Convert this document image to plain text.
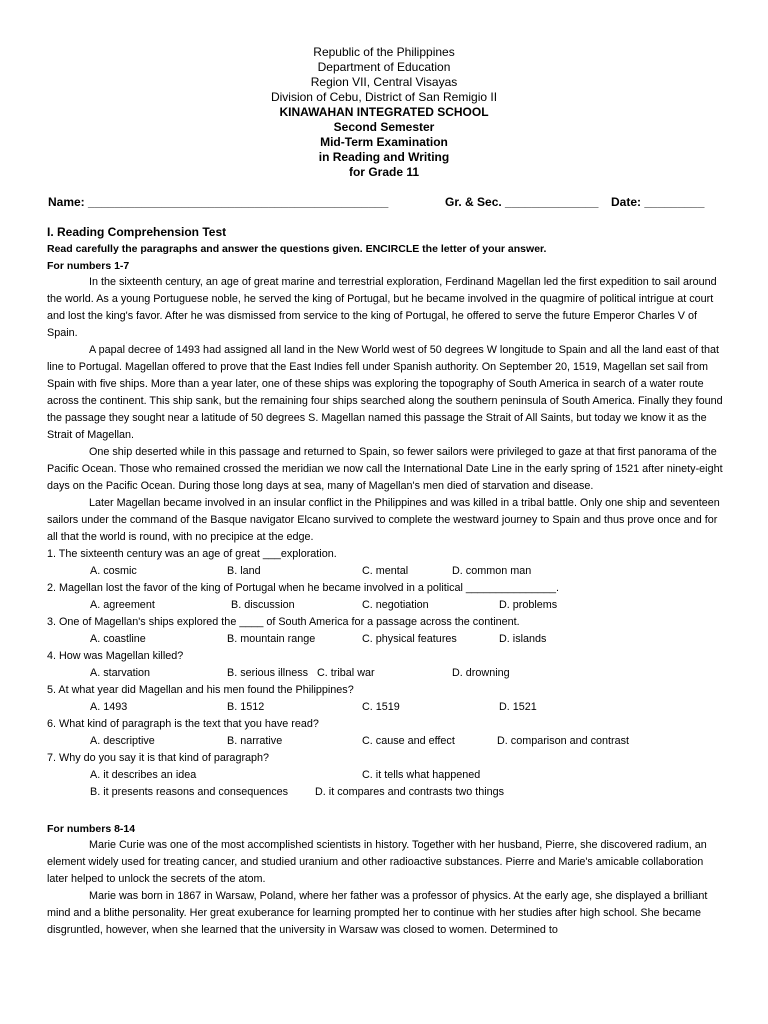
Republic of the Philippines
Department of Education
Region VII, Central Visayas
Division of Cebu, District of San Remigio II
KINAWAHAN INTEGRATED SCHOOL
Second Semester
Mid-Term Examination
in Reading and Writing
for Grade 11
Name: _____________________________________________	Gr. & Sec. ______________ Date: _________
I. Reading Comprehension Test
Read carefully the paragraphs and answer the questions given. ENCIRCLE the letter of your answer.
For numbers 1-7

In the sixteenth century, an age of great marine and terrestrial exploration, Ferdinand Magellan led the first expedition to sail around the world. As a young Portuguese noble, he served the king of Portugal, but he became involved in the quagmire of political intrigue at court and lost the king's favor. After he was dismissed from service to the king of Portugal, he offered to serve the future Emperor Charles V of Spain.

A papal decree of 1493 had assigned all land in the New World west of 50 degrees W longitude to Spain and all the land east of that line to Portugal. Magellan offered to prove that the East Indies fell under Spanish authority. On September 20, 1519, Magellan set sail from Spain with five ships. More than a year later, one of these ships was exploring the topography of South America in search of a water route across the continent. This ship sank, but the remaining four ships searched along the southern peninsula of South America. Finally they found the passage they sought near a latitude of 50 degrees S. Magellan named this passage the Strait of All Saints, but today we know it as the Strait of Magellan.

One ship deserted while in this passage and returned to Spain, so fewer sailors were privileged to gaze at that first panorama of the Pacific Ocean. Those who remained crossed the meridian we now call the International Date Line in the early spring of 1521 after ninety-eight days on the Pacific Ocean. During those long days at sea, many of Magellan's men died of starvation and disease.

Later Magellan became involved in an insular conflict in the Philippines and was killed in a tribal battle. Only one ship and seventeen sailors under the command of the Basque navigator Elcano survived to complete the westward journey to Spain and thus prove once and for all that the world is round, with no precipice at the edge.

1. The sixteenth century was an age of great ___exploration.
A. cosmic	B. land	C. mental	D. common man
2. Magellan lost the favor of the king of Portugal when he became involved in a political _______________.
A. agreement	B. discussion	C. negotiation	D. problems
3. One of Magellan's ships explored the ____ of South America for a passage across the continent.
A. coastline	B. mountain range	C. physical features	D. islands
4. How was Magellan killed?
A. starvation	B. serious illness C. tribal war	D. drowning
5. At what year did Magellan and his men found the Philippines?
A. 1493	B. 1512	C. 1519	D. 1521
6. What kind of paragraph is the text that you have read?
A. descriptive	B. narrative	C. cause and effect	D. comparison and contrast
7. Why do you say it is that kind of paragraph?
A. it describes an idea	C. it tells what happened
B. it presents reasons and consequences D. it compares and contrasts two things
For numbers 8-14

Marie Curie was one of the most accomplished scientists in history. Together with her husband, Pierre, she discovered radium, an element widely used for treating cancer, and studied uranium and other radioactive substances. Pierre and Marie's amicable collaboration later helped to unlock the secrets of the atom.

Marie was born in 1867 in Warsaw, Poland, where her father was a professor of physics. At the early age, she displayed a brilliant mind and a blithe personality. Her great exuberance for learning prompted her to continue with her studies after high school. She became disgruntled, however, when she learned that the university in Warsaw was closed to women. Determined to
